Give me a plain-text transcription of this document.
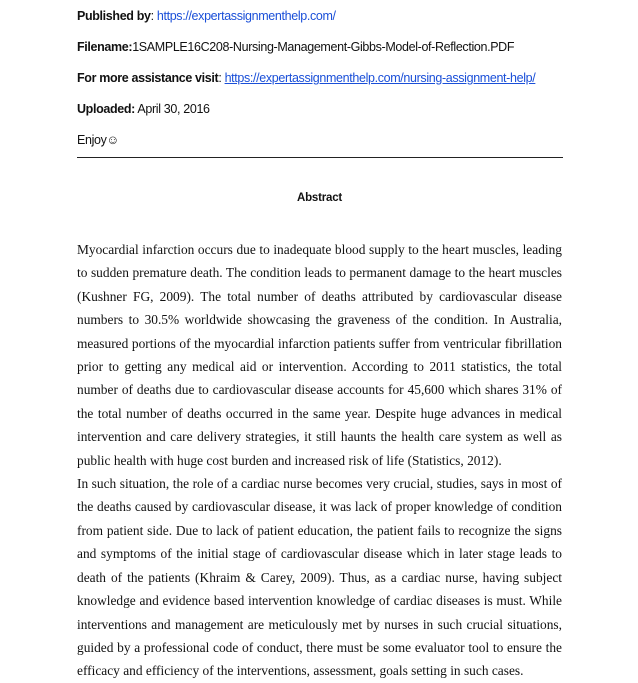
Published by: https://expertassignmenthelp.com/
Filename:1SAMPLE16C208-Nursing-Management-Gibbs-Model-of-Reflection.PDF
For more assistance visit: https://expertassignmenthelp.com/nursing-assignment-help/
Uploaded: April 30, 2016
Enjoy☺
Abstract

Myocardial infarction occurs due to inadequate blood supply to the heart muscles, leading to sudden premature death. The condition leads to permanent damage to the heart muscles (Kushner FG, 2009). The total number of deaths attributed by cardiovascular disease numbers to 30.5% worldwide showcasing the graveness of the condition. In Australia, measured portions of the myocardial infarction patients suffer from ventricular fibrillation prior to getting any medical aid or intervention. According to 2011 statistics, the total number of deaths due to cardiovascular disease accounts for 45,600 which shares 31% of the total number of deaths occurred in the same year. Despite huge advances in medical intervention and care delivery strategies, it still haunts the health care system as well as public health with huge cost burden and increased risk of life (Statistics, 2012).

In such situation, the role of a cardiac nurse becomes very crucial, studies, says in most of the deaths caused by cardiovascular disease, it was lack of proper knowledge of condition from patient side. Due to lack of patient education, the patient fails to recognize the signs and symptoms of the initial stage of cardiovascular disease which in later stage leads to death of the patients (Khraim & Carey, 2009). Thus, as a cardiac nurse, having subject knowledge and evidence based intervention knowledge of cardiac diseases is must. While interventions and management are meticulously met by nurses in such crucial situations, guided by a professional code of conduct, there must be some evaluator tool to ensure the efficacy and efficiency of the interventions, assessment, goals setting in such cases.
